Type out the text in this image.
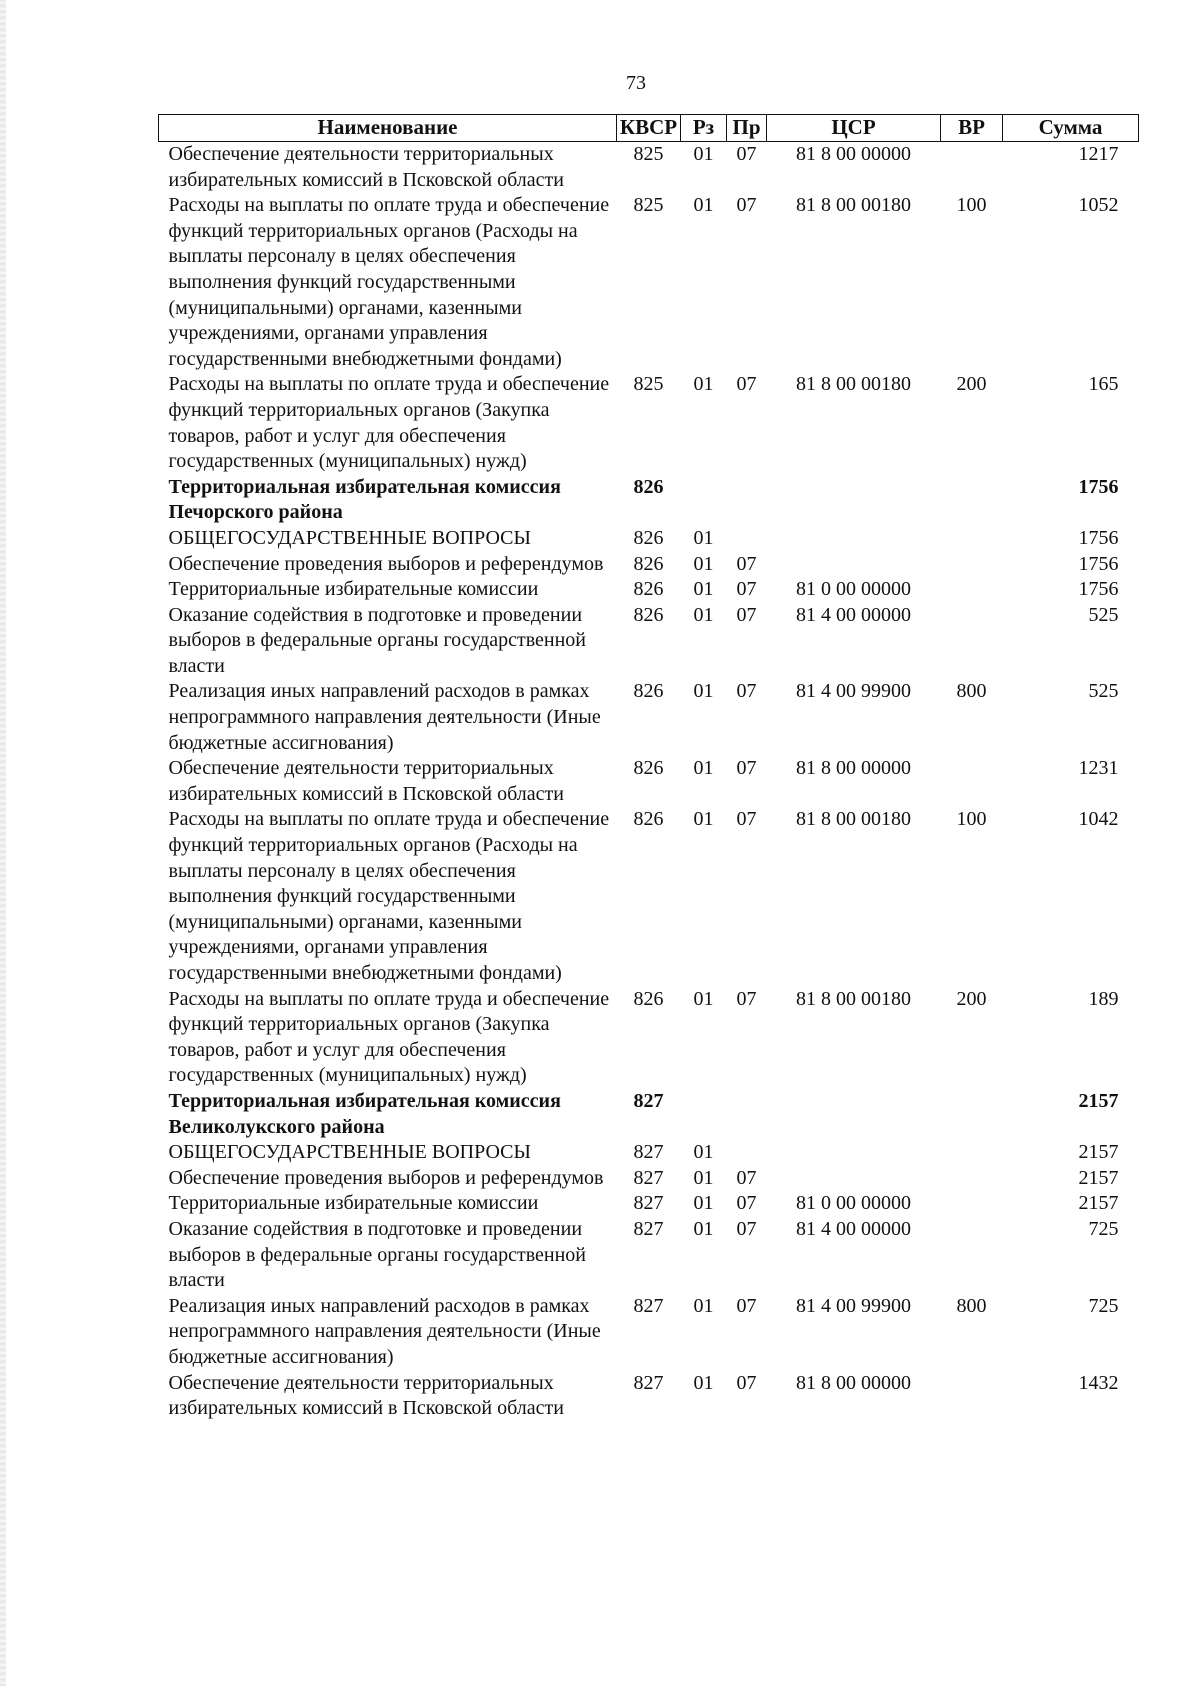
73
Наименование	КВСР	Рз	Пр	ЦСР	ВР	Сумма
Обеспечение деятельности территориальных избирательных комиссий в Псковской области	825	01	07	81 8 00 00000		1217
Расходы на выплаты по оплате труда и обеспечение функций территориальных органов (Расходы на выплаты персоналу в целях обеспечения выполнения функций государственными (муниципальными) органами, казенными учреждениями, органами управления государственными внебюджетными фондами)	825	01	07	81 8 00 00180	100	1052
Расходы на выплаты по оплате труда и обеспечение функций территориальных органов (Закупка товаров, работ и услуг для обеспечения государственных (муниципальных) нужд)	825	01	07	81 8 00 00180	200	165
Территориальная избирательная комиссия Печорского района	826					1756
ОБЩЕГОСУДАРСТВЕННЫЕ ВОПРОСЫ	826	01				1756
Обеспечение проведения выборов и референдумов	826	01	07			1756
Территориальные избирательные комиссии	826	01	07	81 0 00 00000		1756
Оказание содействия в подготовке и проведении выборов в федеральные органы государственной власти	826	01	07	81 4 00 00000		525
Реализация иных направлений расходов в рамках непрограммного направления деятельности (Иные бюджетные ассигнования)	826	01	07	81 4 00 99900	800	525
Обеспечение деятельности территориальных избирательных комиссий в Псковской области	826	01	07	81 8 00 00000		1231
Расходы на выплаты по оплате труда и обеспечение функций территориальных органов (Расходы на выплаты персоналу в целях обеспечения выполнения функций государственными (муниципальными) органами, казенными учреждениями, органами управления государственными внебюджетными фондами)	826	01	07	81 8 00 00180	100	1042
Расходы на выплаты по оплате труда и обеспечение функций территориальных органов (Закупка товаров, работ и услуг для обеспечения государственных (муниципальных) нужд)	826	01	07	81 8 00 00180	200	189
Территориальная избирательная комиссия Великолукского района	827					2157
ОБЩЕГОСУДАРСТВЕННЫЕ ВОПРОСЫ	827	01				2157
Обеспечение проведения выборов и референдумов	827	01	07			2157
Территориальные избирательные комиссии	827	01	07	81 0 00 00000		2157
Оказание содействия в подготовке и проведении выборов в федеральные органы государственной власти	827	01	07	81 4 00 00000		725
Реализация иных направлений расходов в рамках непрограммного направления деятельности (Иные бюджетные ассигнования)	827	01	07	81 4 00 99900	800	725
Обеспечение деятельности территориальных избирательных комиссий в Псковской области	827	01	07	81 8 00 00000		1432
